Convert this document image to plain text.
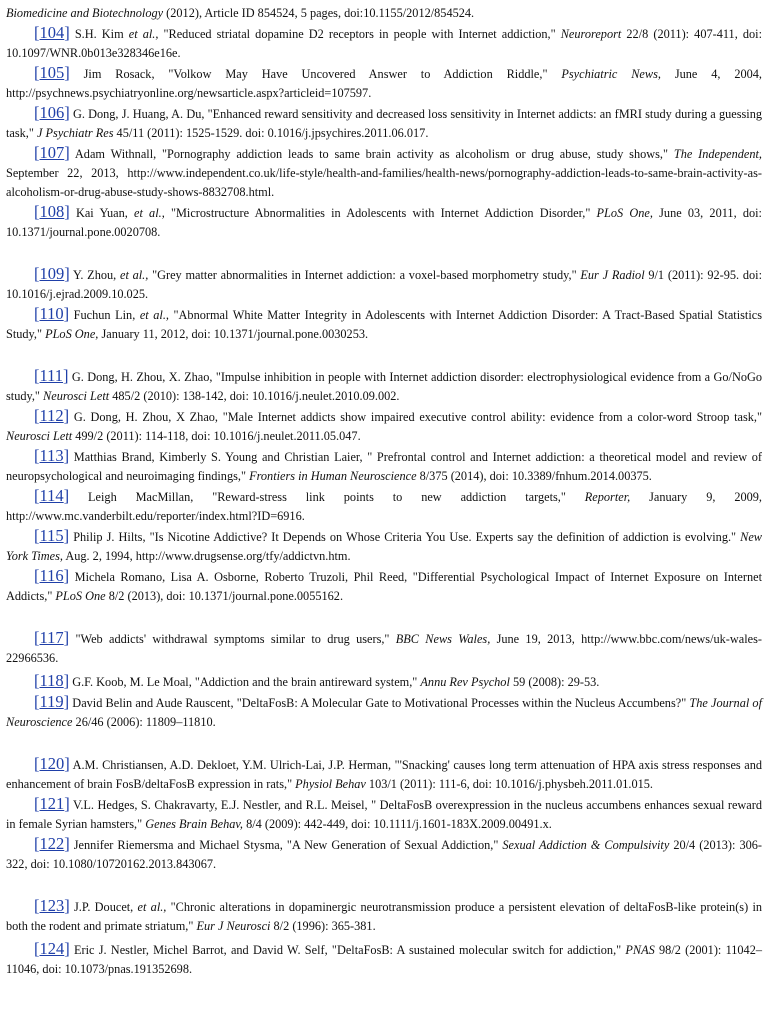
Biomedicine and Biotechnology (2012), Article ID 854524, 5 pages, doi:10.1155/2012/854524.

[ 104 ] S.H. Kim et al., "Reduced striatal dopamine D2 receptors in people with Internet addiction," Neuroreport 22/8 (2011): 407-411, doi: 10.1097/WNR.0b013e328346e16e.

[ 105 ] Jim Rosack, "Volkow May Have Uncovered Answer to Addiction Riddle," Psychiatric News, June 4, 2004, http://psychnews.psychiatryonline.org/newsarticle.aspx?articleid=107597.

[ 106 ] G. Dong, J. Huang, A. Du, "Enhanced reward sensitivity and decreased loss sensitivity in Internet addicts: an fMRI study during a guessing task," J Psychiatr Res 45/11 (2011): 1525-1529. doi: 0.1016/j.jpsychires.2011.06.017.

[ 107 ] Adam Withnall, "Pornography addiction leads to same brain activity as alcoholism or drug abuse, study shows," The Independent, September 22, 2013, http://www.independent.co.uk/life-style/health-and-families/health-news/pornography-addiction-leads-to-same-brain-activity-as-alcoholism-or-drug-abuse-study-shows-8832708.html.

[ 108 ] Kai Yuan, et al., "Microstructure Abnormalities in Adolescents with Internet Addiction Disorder," PLoS One, June 03, 2011, doi: 10.1371/journal.pone.0020708.

[ 109 ] Y. Zhou, et al., "Grey matter abnormalities in Internet addiction: a voxel-based morphometry study," Eur J Radiol 9/1 (2011): 92-95. doi: 10.1016/j.ejrad.2009.10.025.

[ 110 ] Fuchun Lin, et al., "Abnormal White Matter Integrity in Adolescents with Internet Addiction Disorder: A Tract-Based Spatial Statistics Study," PLoS One, January 11, 2012, doi: 10.1371/journal.pone.0030253.

[ 111 ] G. Dong, H. Zhou, X. Zhao, "Impulse inhibition in people with Internet addiction disorder: electrophysiological evidence from a Go/NoGo study," Neurosci Lett 485/2 (2010): 138-142, doi: 10.1016/j.neulet.2010.09.002.

[ 112 ] G. Dong, H. Zhou, X Zhao, "Male Internet addicts show impaired executive control ability: evidence from a color-word Stroop task," Neurosci Lett 499/2 (2011): 114-118, doi: 10.1016/j.neulet.2011.05.047.

[ 113 ] Matthias Brand, Kimberly S. Young and Christian Laier, " Prefrontal control and Internet addiction: a theoretical model and review of neuropsychological and neuroimaging findings," Frontiers in Human Neuroscience 8/375 (2014), doi: 10.3389/fnhum.2014.00375.

[ 114 ] Leigh MacMillan, "Reward-stress link points to new addiction targets," Reporter, January 9, 2009, http://www.mc.vanderbilt.edu/reporter/index.html?ID=6916.

[ 115 ] Philip J. Hilts, "Is Nicotine Addictive? It Depends on Whose Criteria You Use. Experts say the definition of addiction is evolving." New York Times, Aug. 2, 1994, http://www.drugsense.org/tfy/addictvn.htm.

[ 116 ] Michela Romano, Lisa A. Osborne, Roberto Truzoli, Phil Reed, "Differential Psychological Impact of Internet Exposure on Internet Addicts," PLoS One 8/2 (2013), doi: 10.1371/journal.pone.0055162.

[ 117 ] "Web addicts' withdrawal symptoms similar to drug users," BBC News Wales, June 19, 2013, http://www.bbc.com/news/uk-wales-22966536.

[ 118 ] G.F. Koob, M. Le Moal, "Addiction and the brain antireward system," Annu Rev Psychol 59 (2008): 29-53.

[ 119 ] David Belin and Aude Rauscent, "DeltaFosB: A Molecular Gate to Motivational Processes within the Nucleus Accumbens?" The Journal of Neuroscience 26/46 (2006): 11809–11810.

[ 120 ] A.M. Christiansen, A.D. Dekloet, Y.M. Ulrich-Lai, J.P. Herman, "'Snacking' causes long term attenuation of HPA axis stress responses and enhancement of brain FosB/deltaFosB expression in rats," Physiol Behav 103/1 (2011): 111-6, doi: 10.1016/j.physbeh.2011.01.015.

[ 121 ] V.L. Hedges, S. Chakravarty, E.J. Nestler, and R.L. Meisel, " DeltaFosB overexpression in the nucleus accumbens enhances sexual reward in female Syrian hamsters," Genes Brain Behav, 8/4 (2009): 442-449, doi: 10.1111/j.1601-183X.2009.00491.x.

[ 122 ] Jennifer Riemersma and Michael Stysma, "A New Generation of Sexual Addiction," Sexual Addiction & Compulsivity 20/4 (2013): 306-322, doi: 10.1080/10720162.2013.843067.

[ 123 ] J.P. Doucet, et al., "Chronic alterations in dopaminergic neurotransmission produce a persistent elevation of deltaFosB-like protein(s) in both the rodent and primate striatum," Eur J Neurosci 8/2 (1996): 365-381.

[ 124 ] Eric J. Nestler, Michel Barrot, and David W. Self, "DeltaFosB: A sustained molecular switch for addiction," PNAS 98/2 (2001): 11042–11046, doi: 10.1073/pnas.191352698.
